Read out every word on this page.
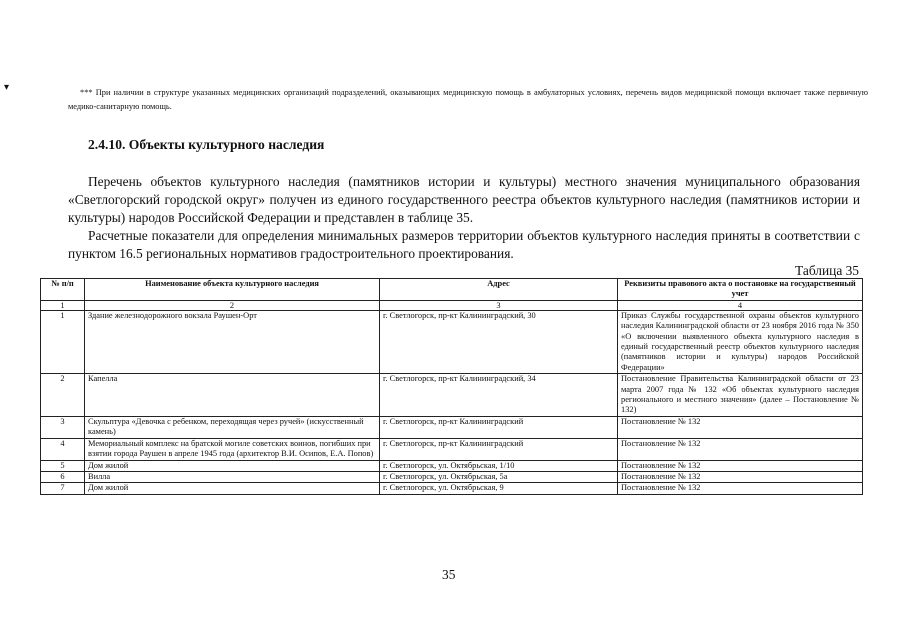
▾	*** При наличии в структуре указанных медицинских организаций подразделений, оказывающих медицинскую помощь в амбулаторных условиях, перечень видов медицинской помощи включает также первичную медико-санитарную помощь.
2.4.10. Объекты культурного наследия
Перечень объектов культурного наследия (памятников истории и культуры) местного значения муниципального образования «Светлогорский городской округ» получен из единого государственного реестра объектов культурного наследия (памятников истории и культуры) народов Российской Федерации и представлен в таблице 35.
Расчетные показатели для определения минимальных размеров территории объектов культурного наследия приняты в соответствии с пунктом 16.5 региональных нормативов градостроительного проектирования.
Таблица 35
№ п/п	Наименование объекта культурного наследия	Адрес	Реквизиты правового акта о постановке на государственный учет
1	2	3	4
1	Здание железнодорожного вокзала Раушен-Орт	г. Светлогорск, пр-кт Калининградский, 30	Приказ Службы государственной охраны объектов культурного наследия Калининградской области от 23 ноября 2016 года № 350 «О включении выявленного объекта культурного наследия в единый государственный реестр объектов культурного наследия (памятников истории и культуры) народов Российской Федерации»
2	Капелла	г. Светлогорск, пр-кт Калининградский, 34	Постановление Правительства Калининградской области от 23 марта 2007 года № 132 «Об объектах культурного наследия регионального и местного значения» (далее – Постановление № 132)
3	Скульптура «Девочка с ребенком, переходящая через ручей» (искусственный камень)	г. Светлогорск, пр-кт Калининградский	Постановление № 132
4	Мемориальный комплекс на братской могиле советских воинов, погибших при взятии города Раушен в апреле 1945 года (архитектор В.И. Осипов, Е.А. Попов)	г. Светлогорск, пр-кт Калининградский	Постановление № 132
5	Дом жилой	г. Светлогорск, ул. Октябрьская, 1/10	Постановление № 132
6	Вилла	г. Светлогорск, ул. Октябрьская, 5а	Постановление № 132
7	Дом жилой	г. Светлогорск, ул. Октябрьская, 9	Постановление № 132
35
